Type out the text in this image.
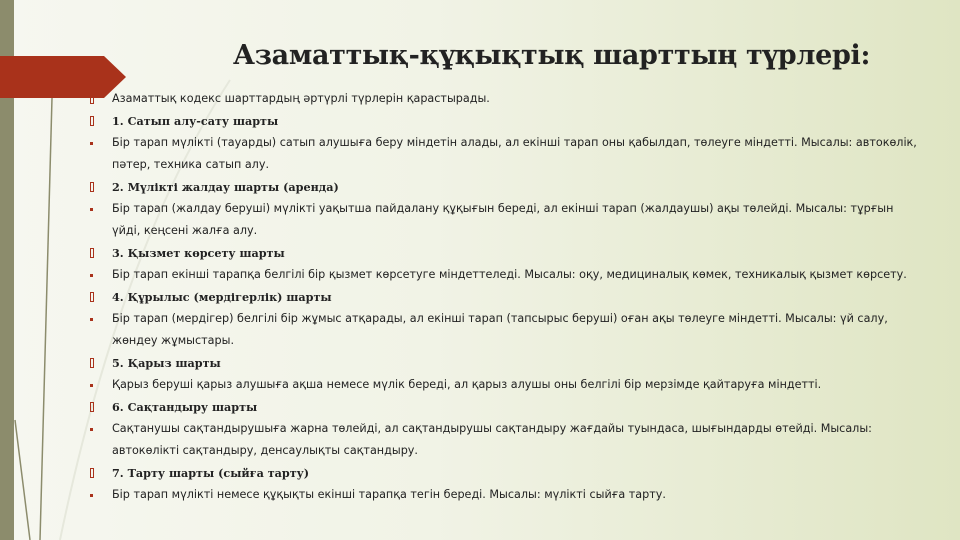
Азаматтық-құқықтық шарттың түрлері:
Азаматтық кодекс шарттардың әртүрлі түрлерін қарастырады.
1. Сатып алу-сату шарты
Бір тарап мүлікті (тауарды) сатып алушыға беру міндетін алады, ал екінші тарап оны қабылдап, төлеуге міндетті. Мысалы: автокөлік, пәтер, техника сатып алу.
2. Мүлікті жалдау шарты (аренда)
Бір тарап (жалдау беруші) мүлікті уақытша пайдалану құқығын береді, ал екінші тарап (жалдаушы) ақы төлейді. Мысалы: тұрғын үйді, кеңсені жалға алу.
3. Қызмет көрсету шарты
Бір тарап екінші тарапқа белгілі бір қызмет көрсетуге міндеттеледі. Мысалы: оқу, медициналық көмек, техникалық қызмет көрсету.
4. Құрылыс (мердігерлік) шарты
Бір тарап (мердігер) белгілі бір жұмыс атқарады, ал екінші тарап (тапсырыс беруші) оған ақы төлеуге міндетті. Мысалы: үй салу, жөндеу жұмыстары.
5. Қарыз шарты
Қарыз беруші қарыз алушыға ақша немесе мүлік береді, ал қарыз алушы оны белгілі бір мерзімде қайтаруға міндетті.
6. Сақтандыру шарты
Сақтанушы сақтандырушыға жарна төлейді, ал сақтандырушы сақтандыру жағдайы туындаса, шығындарды өтейді. Мысалы: автокөлікті сақтандыру, денсаулықты сақтандыру.
7. Тарту шарты (сыйға тарту)
Бір тарап мүлікті немесе құқықты екінші тарапқа тегін береді. Мысалы: мүлікті сыйға тарту.
